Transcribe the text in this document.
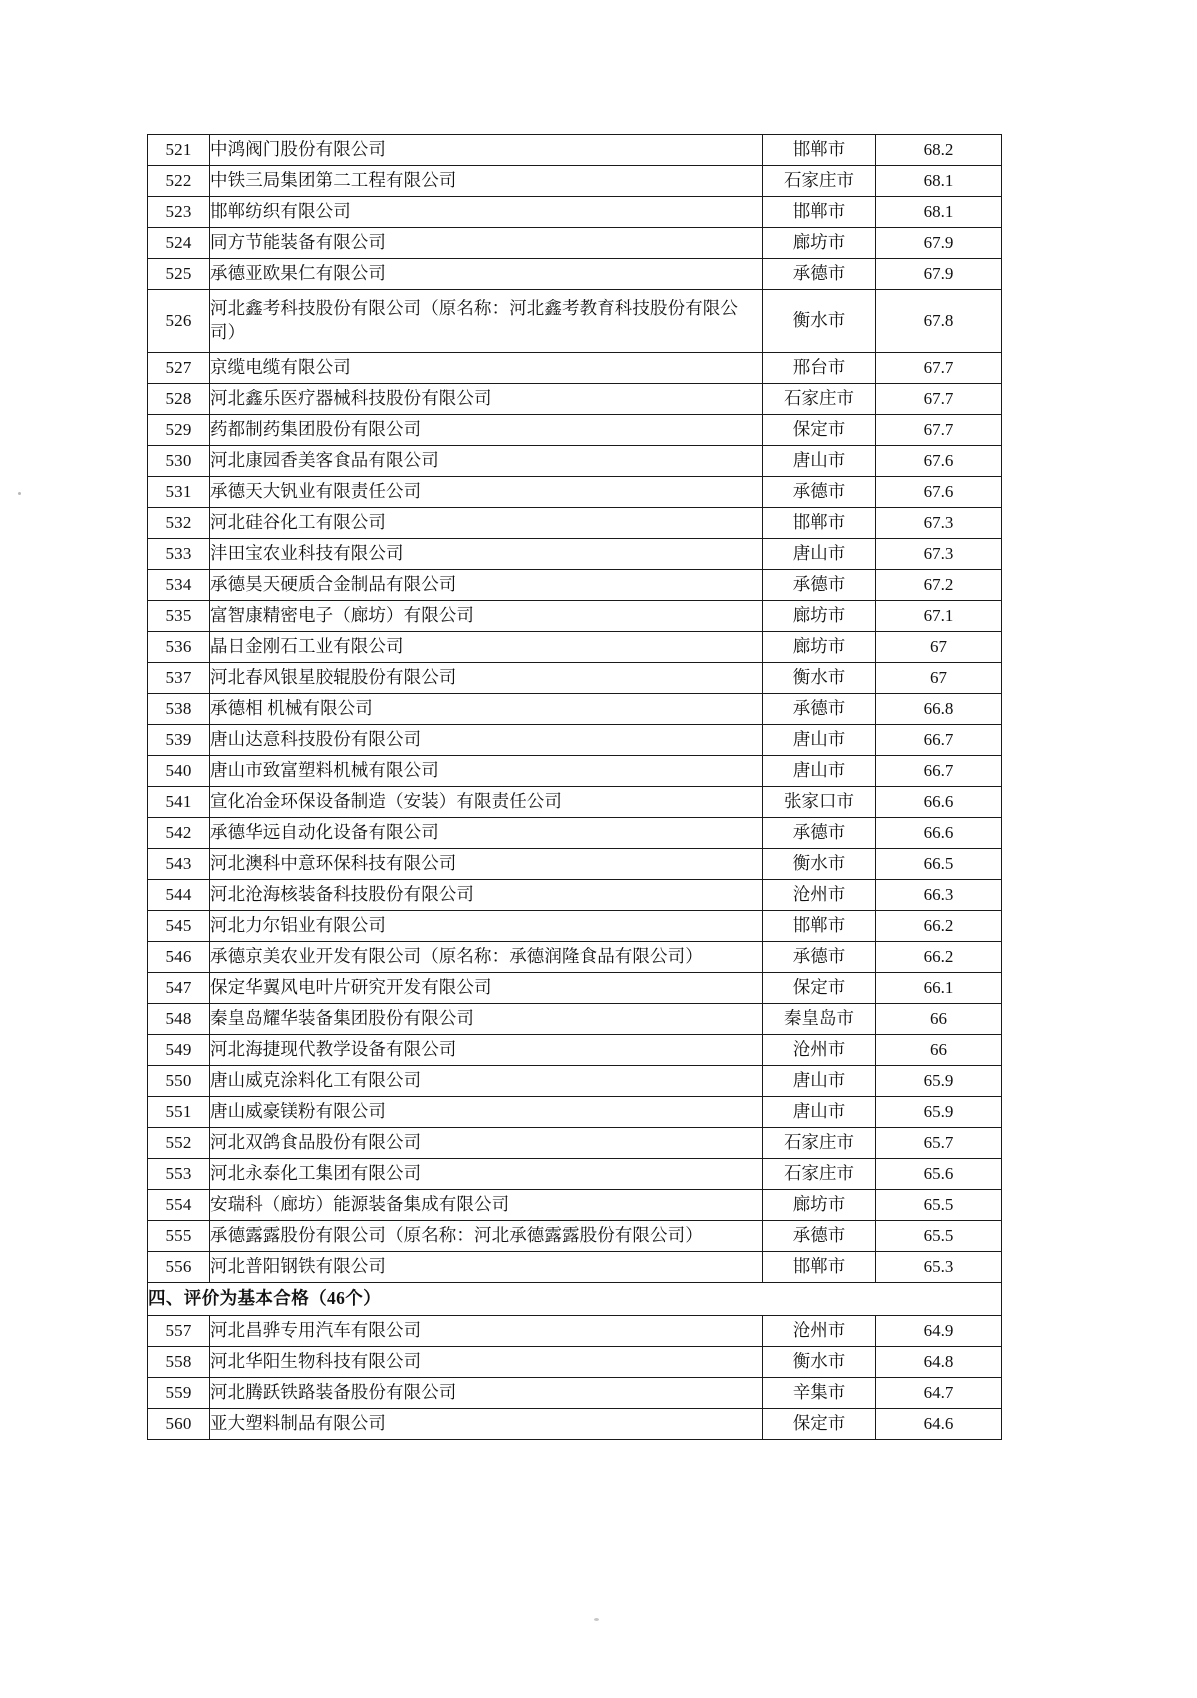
521	中鸿阀门股份有限公司	邯郸市	68.2
522	中铁三局集团第二工程有限公司	石家庄市	68.1
523	邯郸纺织有限公司	邯郸市	68.1
524	同方节能装备有限公司	廊坊市	67.9
525	承德亚欧果仁有限公司	承德市	67.9
526	河北鑫考科技股份有限公司（原名称：河北鑫考教育科技股份有限公司）	衡水市	67.8
527	京缆电缆有限公司	邢台市	67.7
528	河北鑫乐医疗器械科技股份有限公司	石家庄市	67.7
529	药都制药集团股份有限公司	保定市	67.7
530	河北康园香美客食品有限公司	唐山市	67.6
531	承德天大钒业有限责任公司	承德市	67.6
532	河北硅谷化工有限公司	邯郸市	67.3
533	沣田宝农业科技有限公司	唐山市	67.3
534	承德昊天硬质合金制品有限公司	承德市	67.2
535	富智康精密电子（廊坊）有限公司	廊坊市	67.1
536	晶日金刚石工业有限公司	廊坊市	67
537	河北春风银星胶辊股份有限公司	衡水市	67
538	承德相 机械有限公司	承德市	66.8
539	唐山达意科技股份有限公司	唐山市	66.7
540	唐山市致富塑料机械有限公司	唐山市	66.7
541	宣化冶金环保设备制造（安装）有限责任公司	张家口市	66.6
542	承德华远自动化设备有限公司	承德市	66.6
543	河北澳科中意环保科技有限公司	衡水市	66.5
544	河北沧海核装备科技股份有限公司	沧州市	66.3
545	河北力尔铝业有限公司	邯郸市	66.2
546	承德京美农业开发有限公司（原名称：承德润隆食品有限公司）	承德市	66.2
547	保定华翼风电叶片研究开发有限公司	保定市	66.1
548	秦皇岛耀华装备集团股份有限公司	秦皇岛市	66
549	河北海捷现代教学设备有限公司	沧州市	66
550	唐山威克涂料化工有限公司	唐山市	65.9
551	唐山威豪镁粉有限公司	唐山市	65.9
552	河北双鸽食品股份有限公司	石家庄市	65.7
553	河北永泰化工集团有限公司	石家庄市	65.6
554	安瑞科（廊坊）能源装备集成有限公司	廊坊市	65.5
555	承德露露股份有限公司（原名称：河北承德露露股份有限公司）	承德市	65.5
556	河北普阳钢铁有限公司	邯郸市	65.3
四、评价为基本合格（46个）			
557	河北昌骅专用汽车有限公司	沧州市	64.9
558	河北华阳生物科技有限公司	衡水市	64.8
559	河北腾跃铁路装备股份有限公司	辛集市	64.7
560	亚大塑料制品有限公司	保定市	64.6
